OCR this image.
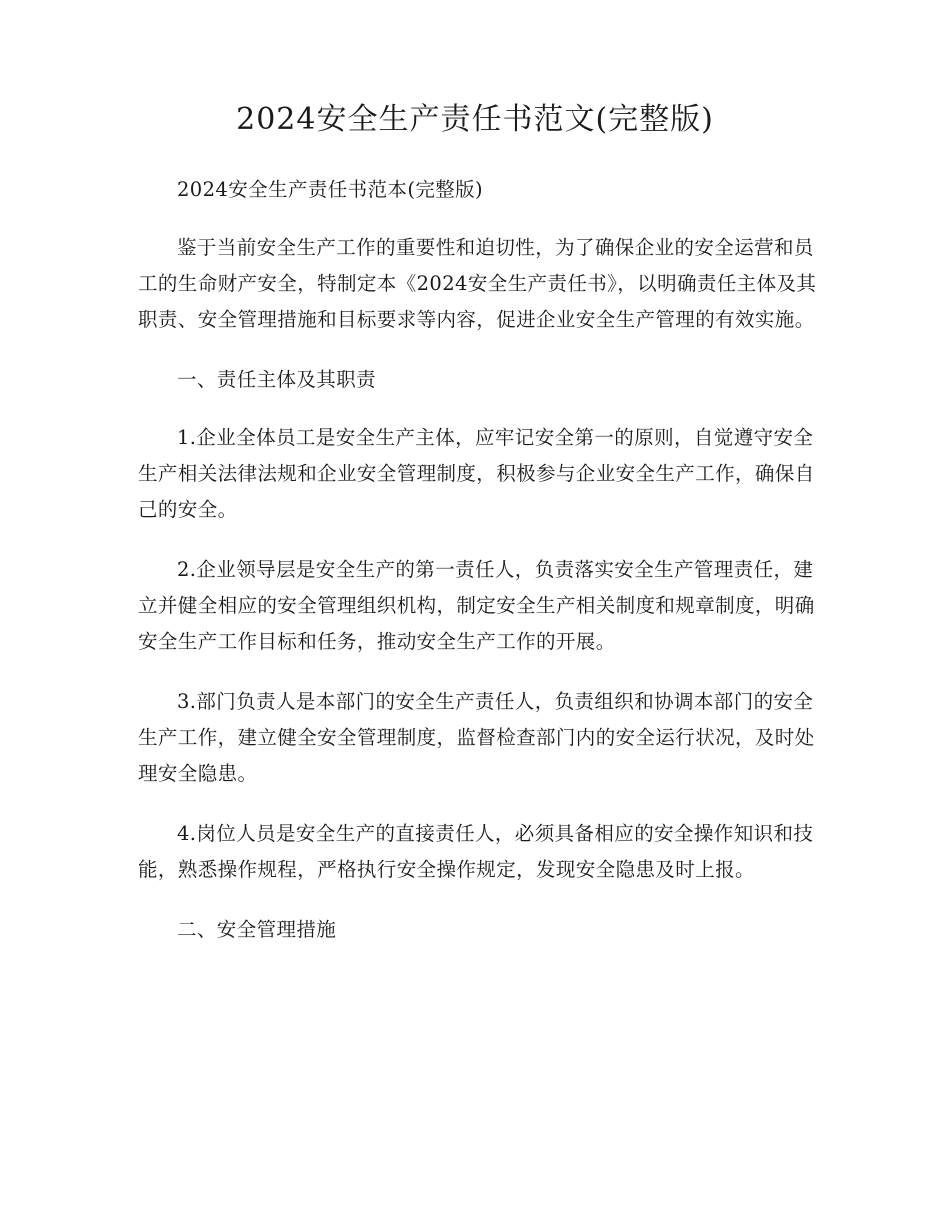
2024安全生产责任书范文(完整版)

2024安全生产责任书范本(完整版)

鉴于当前安全生产工作的重要性和迫切性，为了确保企业的安全运营和员工的生命财产安全，特制定本《2024安全生产责任书》，以明确责任主体及其职责、安全管理措施和目标要求等内容，促进企业安全生产管理的有效实施。

一、责任主体及其职责

1.企业全体员工是安全生产主体，应牢记安全第一的原则，自觉遵守安全生产相关法律法规和企业安全管理制度，积极参与企业安全生产工作，确保自己的安全。

2.企业领导层是安全生产的第一责任人，负责落实安全生产管理责任，建立并健全相应的安全管理组织机构，制定安全生产相关制度和规章制度，明确安全生产工作目标和任务，推动安全生产工作的开展。

3.部门负责人是本部门的安全生产责任人，负责组织和协调本部门的安全生产工作，建立健全安全管理制度，监督检查部门内的安全运行状况，及时处理安全隐患。

4.岗位人员是安全生产的直接责任人，必须具备相应的安全操作知识和技能，熟悉操作规程，严格执行安全操作规定，发现安全隐患及时上报。

二、安全管理措施
